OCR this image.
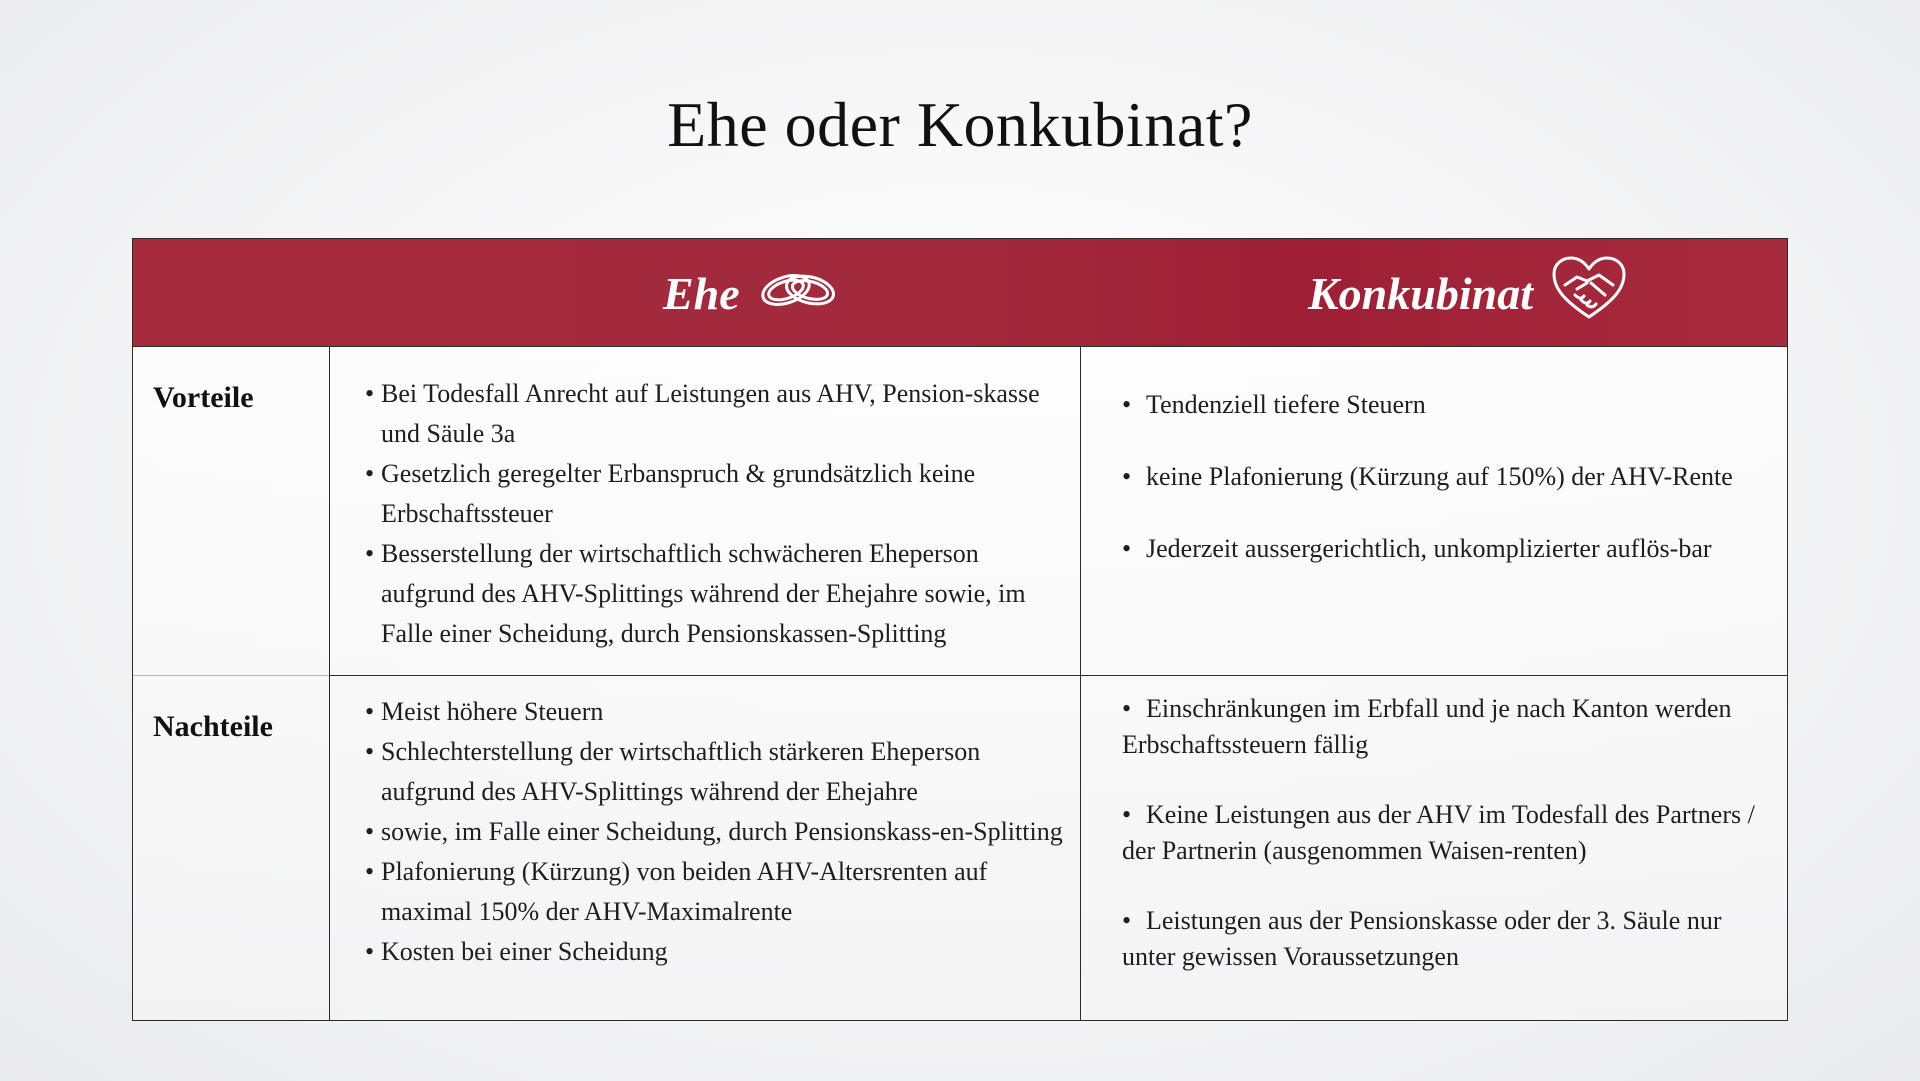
Ehe oder Konkubinat?
Ehe	Konkubinat
Vorteile
Nachteile
• Bei Todesfall Anrecht auf Leistungen aus AHV, Pension-skasse und Säule 3a
• Gesetzlich geregelter Erbanspruch & grundsätzlich keine Erbschaftssteuer
• Besserstellung der wirtschaftlich schwächeren Eheperson aufgrund des AHV-Splittings während der Ehejahre sowie, im Falle einer Scheidung, durch Pensionskassen-Splitting
• Tendenziell tiefere Steuern
• keine Plafonierung (Kürzung auf 150%) der AHV-Rente
• Jederzeit aussergerichtlich, unkomplizierter auflös-bar
• Meist höhere Steuern
• Schlechterstellung der wirtschaftlich stärkeren Eheperson aufgrund des AHV-Splittings während der Ehejahre
• sowie, im Falle einer Scheidung, durch Pensionskass-en-Splitting
• Plafonierung (Kürzung) von beiden AHV-Altersrenten auf maximal 150% der AHV-Maximalrente
• Kosten bei einer Scheidung
• Einschränkungen im Erbfall und je nach Kanton werden Erbschaftssteuern fällig
• Keine Leistungen aus der AHV im Todesfall des Partners / der Partnerin (ausgenommen Waisen-renten)
• Leistungen aus der Pensionskasse oder der 3. Säule nur unter gewissen Voraussetzungen
